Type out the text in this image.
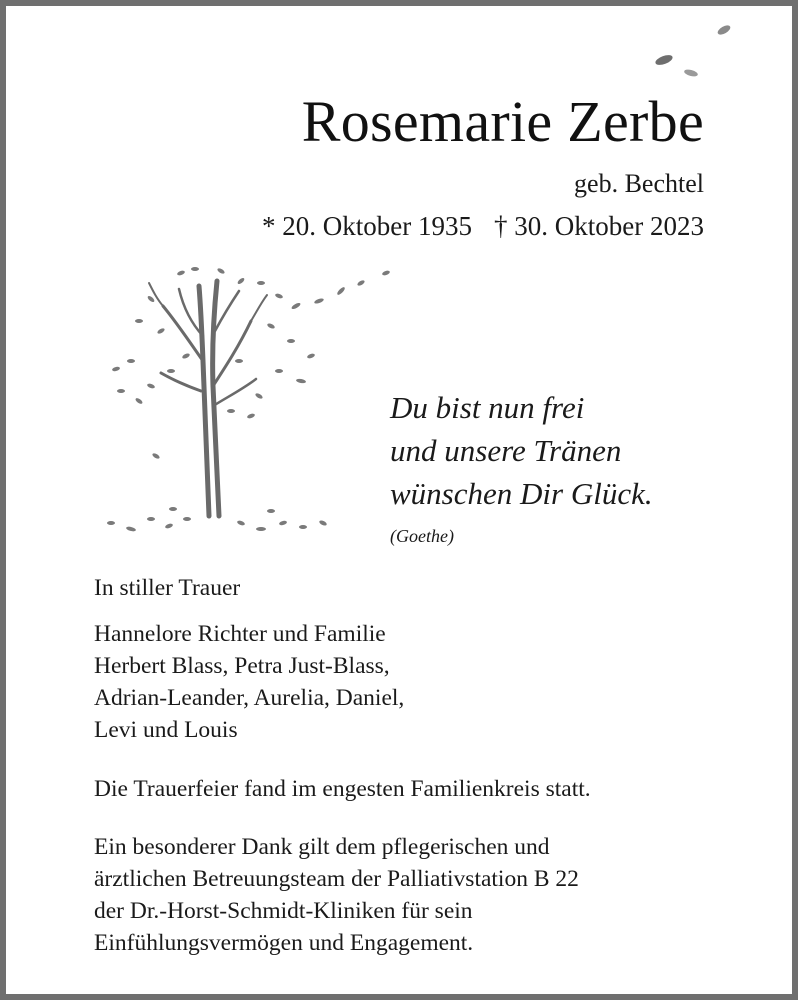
Rosemarie Zerbe
geb. Bechtel
* 20. Oktober 1935 † 30. Oktober 2023
Du bist nun frei
und unsere Tränen
wünschen Dir Glück.
(Goethe)
In stiller Trauer
Hannelore Richter und Familie
Herbert Blass, Petra Just-Blass,
Adrian-Leander, Aurelia, Daniel,
Levi und Louis
Die Trauerfeier fand im engesten Familienkreis statt.
Ein besonderer Dank gilt dem pflegerischen und
ärztlichen Betreuungsteam der Palliativstation B 22
der Dr.-Horst-Schmidt-Kliniken für sein
Einfühlungsvermögen und Engagement.
